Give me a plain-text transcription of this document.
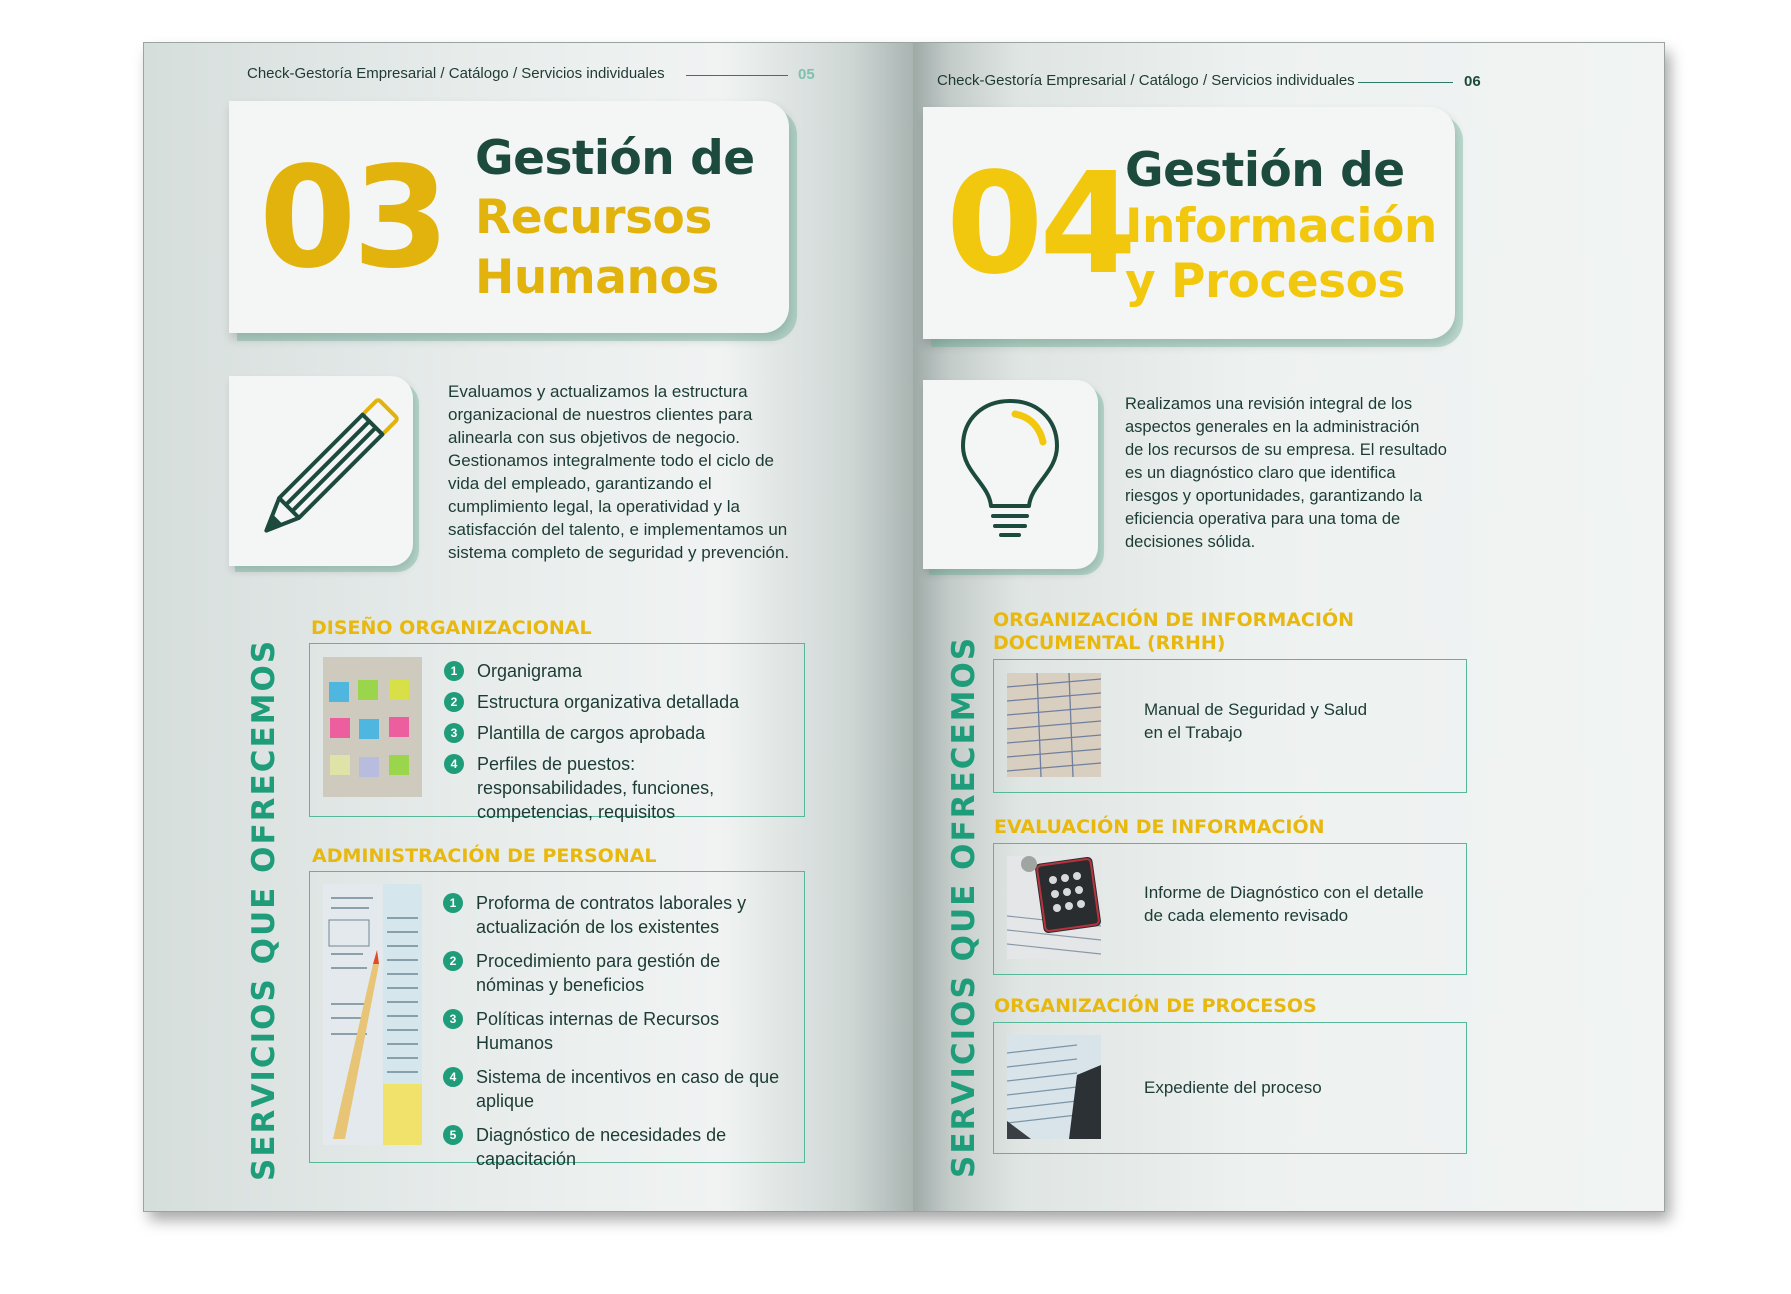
Check-Gestoría Empresarial / Catálogo / Servicios individuales	05
03 Gestión de
Recursos
Humanos
Evaluamos y actualizamos la estructura
organizacional de nuestros clientes para
alinearla con sus objetivos de negocio.
Gestionamos integralmente todo el ciclo de
vida del empleado, garantizando el
cumplimiento legal, la operatividad y la
satisfacción del talento, e implementamos un
sistema completo de seguridad y prevención.
SERVICIOS QUE OFRECEMOS
DISEÑO ORGANIZACIONAL
1	Organigrama
2	Estructura organizativa detallada
3	Plantilla de cargos aprobada
4	Perfiles de puestos: responsabilidades, funciones, competencias, requisitos
ADMINISTRACIÓN DE PERSONAL
1	Proforma de contratos laborales y actualización de los existentes
2	Procedimiento para gestión de nóminas y beneficios
3	Políticas internas de Recursos Humanos
4	Sistema de incentivos en caso de que aplique
5	Diagnóstico de necesidades de capacitación
Check-Gestoría Empresarial / Catálogo / Servicios individuales	06
04
Gestión de
Información
y Procesos
Realizamos una revisión integral de los
aspectos generales en la administración
de los recursos de su empresa. El resultado
es un diagnóstico claro que identifica
riesgos y oportunidades, garantizando la
eficiencia operativa para una toma de
decisiones sólida.
SERVICIOS QUE OFRECEMOS
ORGANIZACIÓN DE INFORMACIÓN
DOCUMENTAL (RRHH)
Manual de Seguridad y Salud
en el Trabajo
EVALUACIÓN DE INFORMACIÓN
Informe de Diagnóstico con el detalle
de cada elemento revisado
ORGANIZACIÓN DE PROCESOS
Expediente del proceso
